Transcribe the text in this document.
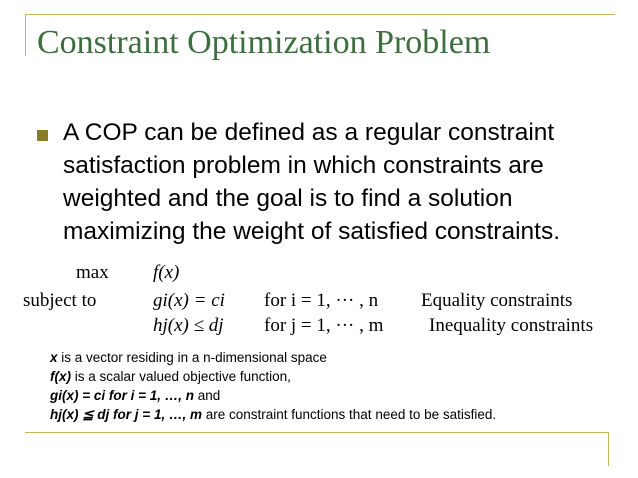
Constraint Optimization Problem

A COP can be defined as a regular constraint satisfaction problem in which constraints are weighted and the goal is to find a solution maximizing the weight of satisfied constraints.

max f(x)
subject to	gi(x) = ci for i = 1, ··· , n Equality constraints
hj(x) ≤ dj for j = 1, ··· , m Inequality constraints
x is a vector residing in a n-dimensional space
f(x) is a scalar valued objective function,
gi(x) = ci for i = 1, …, n and
hj(x) ≦ dj for j = 1, …, m are constraint functions that need to be satisfied.
